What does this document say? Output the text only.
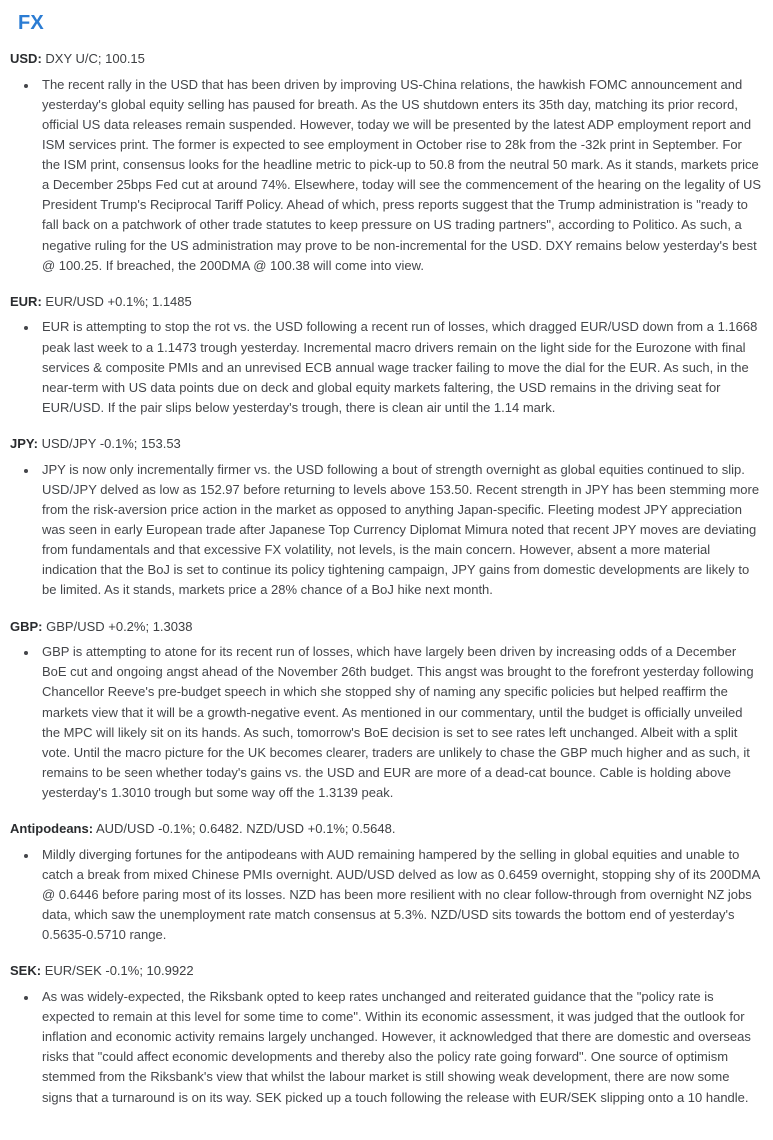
FX

USD: DXY U/C; 100.15

• The recent rally in the USD that has been driven by improving US-China relations, the hawkish FOMC announcement and yesterday's global equity selling has paused for breath. As the US shutdown enters its 35th day, matching its prior record, official US data releases remain suspended. However, today we will be presented by the latest ADP employment report and ISM services print. The former is expected to see employment in October rise to 28k from the -32k print in September. For the ISM print, consensus looks for the headline metric to pick-up to 50.8 from the neutral 50 mark. As it stands, markets price a December 25bps Fed cut at around 74%. Elsewhere, today will see the commencement of the hearing on the legality of US President Trump's Reciprocal Tariff Policy. Ahead of which, press reports suggest that the Trump administration is "ready to fall back on a patchwork of other trade statutes to keep pressure on US trading partners", according to Politico. As such, a negative ruling for the US administration may prove to be non-incremental for the USD. DXY remains below yesterday's best @ 100.25. If breached, the 200DMA @ 100.38 will come into view.

EUR: EUR/USD +0.1%; 1.1485

• EUR is attempting to stop the rot vs. the USD following a recent run of losses, which dragged EUR/USD down from a 1.1668 peak last week to a 1.1473 trough yesterday. Incremental macro drivers remain on the light side for the Eurozone with final services & composite PMIs and an unrevised ECB annual wage tracker failing to move the dial for the EUR. As such, in the near-term with US data points due on deck and global equity markets faltering, the USD remains in the driving seat for EUR/USD. If the pair slips below yesterday's trough, there is clean air until the 1.14 mark.

JPY: USD/JPY -0.1%; 153.53

• JPY is now only incrementally firmer vs. the USD following a bout of strength overnight as global equities continued to slip. USD/JPY delved as low as 152.97 before returning to levels above 153.50. Recent strength in JPY has been stemming more from the risk-aversion price action in the market as opposed to anything Japan-specific. Fleeting modest JPY appreciation was seen in early European trade after Japanese Top Currency Diplomat Mimura noted that recent JPY moves are deviating from fundamentals and that excessive FX volatility, not levels, is the main concern. However, absent a more material indication that the BoJ is set to continue its policy tightening campaign, JPY gains from domestic developments are likely to be limited. As it stands, markets price a 28% chance of a BoJ hike next month.

GBP: GBP/USD +0.2%; 1.3038

• GBP is attempting to atone for its recent run of losses, which have largely been driven by increasing odds of a December BoE cut and ongoing angst ahead of the November 26th budget. This angst was brought to the forefront yesterday following Chancellor Reeve's pre-budget speech in which she stopped shy of naming any specific policies but helped reaffirm the markets view that it will be a growth-negative event. As mentioned in our commentary, until the budget is officially unveiled the MPC will likely sit on its hands. As such, tomorrow's BoE decision is set to see rates left unchanged. Albeit with a split vote. Until the macro picture for the UK becomes clearer, traders are unlikely to chase the GBP much higher and as such, it remains to be seen whether today's gains vs. the USD and EUR are more of a dead-cat bounce. Cable is holding above yesterday's 1.3010 trough but some way off the 1.3139 peak.

Antipodeans: AUD/USD -0.1%; 0.6482. NZD/USD +0.1%; 0.5648.

• Mildly diverging fortunes for the antipodeans with AUD remaining hampered by the selling in global equities and unable to catch a break from mixed Chinese PMIs overnight. AUD/USD delved as low as 0.6459 overnight, stopping shy of its 200DMA @ 0.6446 before paring most of its losses. NZD has been more resilient with no clear follow-through from overnight NZ jobs data, which saw the unemployment rate match consensus at 5.3%. NZD/USD sits towards the bottom end of yesterday's 0.5635-0.5710 range.

SEK: EUR/SEK -0.1%; 10.9922

• As was widely-expected, the Riksbank opted to keep rates unchanged and reiterated guidance that the "policy rate is expected to remain at this level for some time to come". Within its economic assessment, it was judged that the outlook for inflation and economic activity remains largely unchanged. However, it acknowledged that there are domestic and overseas risks that "could affect economic developments and thereby also the policy rate going forward". One source of optimism stemmed from the Riksbank's view that whilst the labour market is still showing weak development, there are now some signs that a turnaround is on its way. SEK picked up a touch following the release with EUR/SEK slipping onto a 10 handle.
